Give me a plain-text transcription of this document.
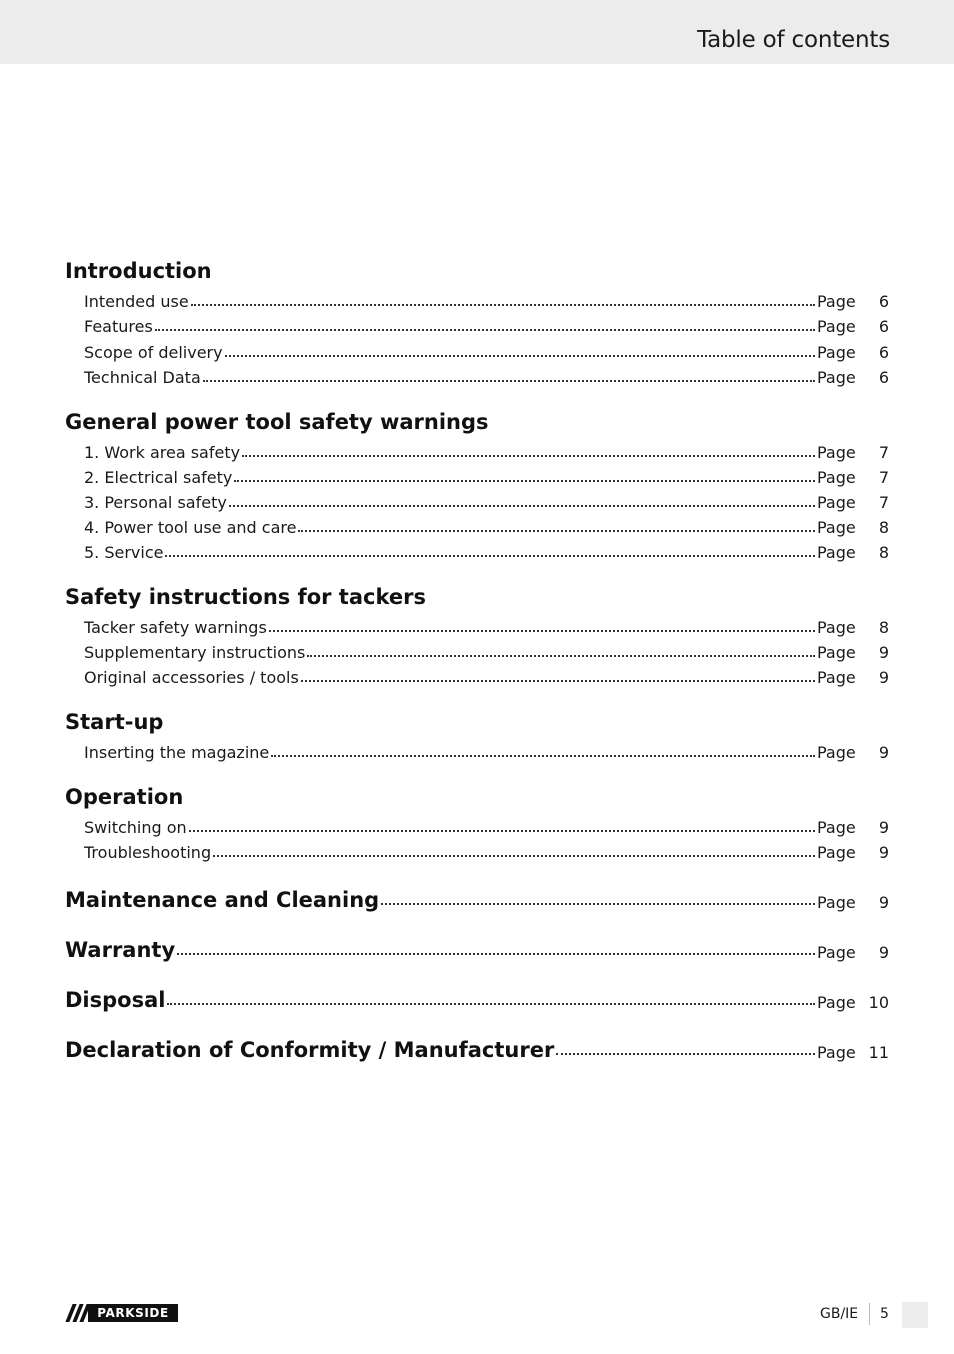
Table of contents
Introduction
Intended use	Page	6
Features	Page	6
Scope of delivery	Page	6
Technical Data	Page	6
General power tool safety warnings
1. Work area safety	Page	7
2. Electrical safety	Page	7
3. Personal safety	Page	7
4. Power tool use and care	Page	8
5. Service	Page	8
Safety instructions for tackers
Tacker safety warnings	Page	8
Supplementary instructions	Page	9
Original accessories / tools	Page	9
Start-up
Inserting the magazine	Page	9
Operation
Switching on	Page	9
Troubleshooting	Page	9
Maintenance and Cleaning	Page	9
Warranty	Page	9
Disposal	Page 10
Declaration of Conformity / Manufacturer	Page 11
PARKSIDE	GB/IE 5
